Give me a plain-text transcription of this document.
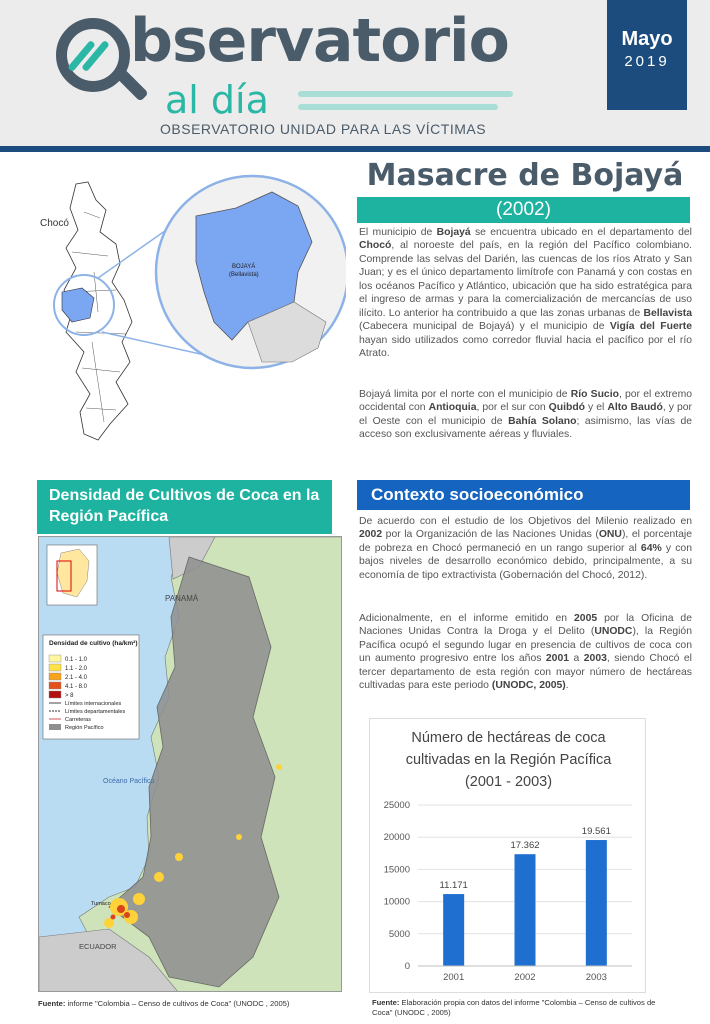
bservatorio
al día
OBSERVATORIO UNIDAD PARA LAS VÍCTIMAS
Mayo
2019
Chocó
BOJAYÁ
(Bellavista)
Masacre de Bojayá
(2002)

El municipio de Bojayá se encuentra ubicado en el departamento del Chocó, al noroeste del país, en la región del Pacífico colombiano. Comprende las selvas del Darién, las cuencas de los ríos Atrato y San Juan; y es el único departamento limítrofe con Panamá y con costas en los océanos Pacífico y Atlántico, ubicación que ha sido estratégica para el ingreso de armas y para la comercialización de mercancías de uso ilícito. Lo anterior ha contribuido a que las zonas urbanas de Bellavista (Cabecera municipal de Bojayá) y el municipio de Vigía del Fuerte hayan sido utilizados como corredor fluvial hacia el pacífico por el río Atrato.

Bojayá limita por el norte con el municipio de Río Sucio, por el extremo occidental con Antioquia, por el sur con Quibdó y el Alto Baudó, y por el Oeste con el municipio de Bahía Solano; asimismo, las vías de acceso son exclusivamente aéreas y fluviales.

Densidad de Cultivos de Coca en la Región Pacífica
Contexto socioeconómico
Densidad de cultivo (ha/km²)
0.1 - 1.0
1.1 - 2.0
2.1 - 4.0
4.1 - 8.0
> 8
Límites internacionales
Límites departamentales
Carreteras
Región Pacífico
PANAMÁ
Océano Pacífico
ECUADOR
Tumaco
Fuente: informe "Colombia – Censo de cultivos de Coca" (UNODC , 2005)

De acuerdo con el estudio de los Objetivos del Milenio realizado en 2002 por la Organización de las Naciones Unidas (ONU), el porcentaje de pobreza en Chocó permaneció en un rango superior al 64% y con bajos niveles de desarrollo económico debido, principalmente, a su economía de tipo extractivista (Gobernación del Chocó, 2012).

Adicionalmente, en el informe emitido en 2005 por la Oficina de Naciones Unidas Contra la Droga y el Delito (UNODC), la Región Pacífica ocupó el segundo lugar en presencia de cultivos de coca con un aumento progresivo entre los años 2001 a 2003, siendo Chocó el tercer departamento de esta región con mayor número de hectáreas cultivadas para este periodo (UNODC, 2005).

Número de hectáreas de coca
cultivadas en la Región Pacífica
(2001 - 2003)
0
5000
10000
15000
20000
25000
11.171
2001
17.362
2002
19.561
2003
Fuente: Elaboración propia con datos del informe "Colombia – Censo de cultivos de Coca" (UNODC , 2005)
